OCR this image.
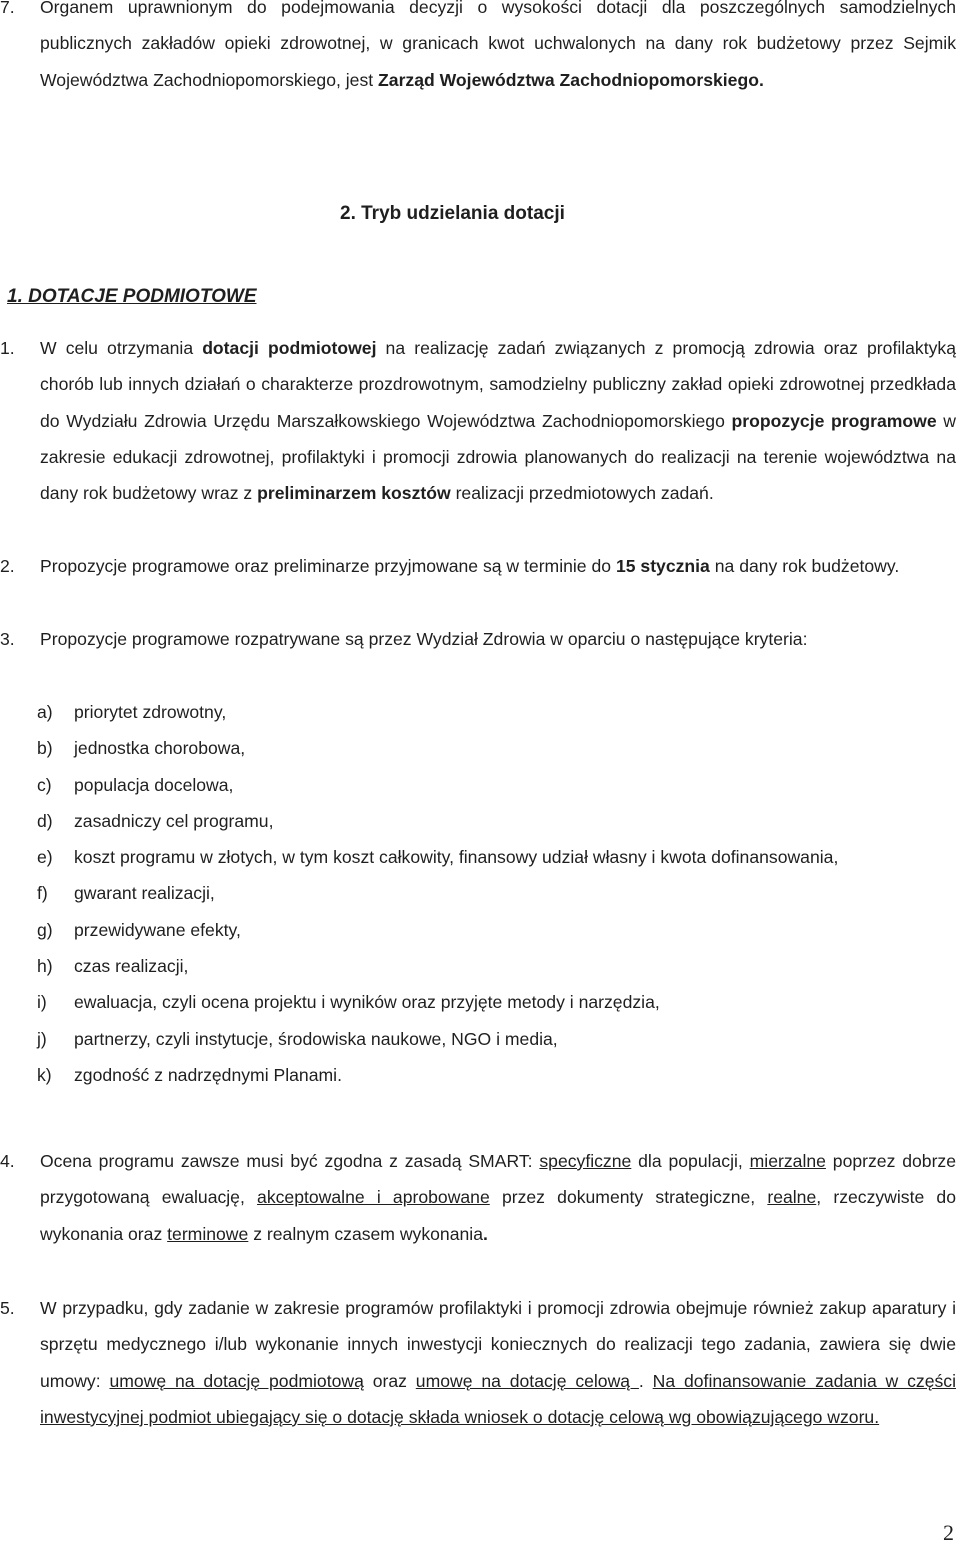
7. Organem uprawnionym do podejmowania decyzji o wysokości dotacji dla poszczególnych samodzielnych publicznych zakładów opieki zdrowotnej, w granicach kwot uchwalonych na dany rok budżetowy przez Sejmik Województwa Zachodniopomorskiego, jest Zarząd Województwa Zachodniopomorskiego.

2. Tryb udzielania dotacji
1. DOTACJE PODMIOTOWE
1. W celu otrzymania dotacji podmiotowej na realizację zadań związanych z promocją zdrowia oraz profilaktyką chorób lub innych działań o charakterze prozdrowotnym, samodzielny publiczny zakład opieki zdrowotnej przedkłada do Wydziału Zdrowia Urzędu Marszałkowskiego Województwa Zachodniopomorskiego propozycje programowe w zakresie edukacji zdrowotnej, profilaktyki i promocji zdrowia planowanych do realizacji na terenie województwa na dany rok budżetowy wraz z preliminarzem kosztów realizacji przedmiotowych zadań.

2. Propozycje programowe oraz preliminarze przyjmowane są w terminie do 15 stycznia na dany rok budżetowy.

3. Propozycje programowe rozpatrywane są przez Wydział Zdrowia w oparciu o następujące kryteria:

a) priorytet zdrowotny,
b) jednostka chorobowa,
c) populacja docelowa,
d) zasadniczy cel programu,
e) koszt programu w złotych, w tym koszt całkowity, finansowy udział własny i kwota dofinansowania,
f) gwarant realizacji,
g) przewidywane efekty,
h) czas realizacji,
i) ewaluacja, czyli ocena projektu i wyników oraz przyjęte metody i narzędzia,
j) partnerzy, czyli instytucje, środowiska naukowe, NGO i media,
k) zgodność z nadrzędnymi Planami.
4. Ocena programu zawsze musi być zgodna z zasadą SMART: specyficzne dla populacji, mierzalne poprzez dobrze przygotowaną ewaluację, akceptowalne i aprobowane przez dokumenty strategiczne, realne, rzeczywiste do wykonania oraz terminowe z realnym czasem wykonania.

5. W przypadku, gdy zadanie w zakresie programów profilaktyki i promocji zdrowia obejmuje również zakup aparatury i sprzętu medycznego i/lub wykonanie innych inwestycji koniecznych do realizacji tego zadania, zawiera się dwie umowy: umowę na dotację podmiotową oraz umowę na dotację celową . Na dofinansowanie zadania w części inwestycyjnej podmiot ubiegający się o dotację składa wniosek o dotację celową wg obowiązującego wzoru.

2
